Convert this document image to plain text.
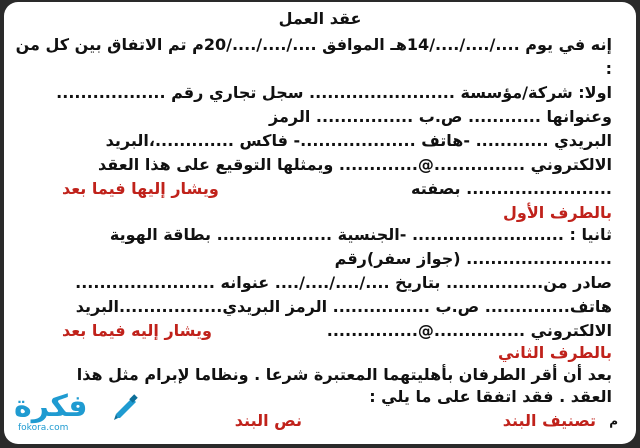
عقد العمل
إنه في يوم ..../..../..../14هـ الموافق ..../..../..../20م تم الاتفاق بين كل من
:
اولا: شركة/مؤسسة ........................ سجل تجاري رقم ..................
وعنوانها ............ ص.ب ................ الرمز
البريدي ............ -هاتف ...................- فاكس .............،البريد
الالكتروني ...............@............. ويمثلها التوقيع على هذا العقد
........................ بصفته
ويشار إليها فيما بعد
بالطرف الأول
ثانيا : ......................... -الجنسية ................... بطاقة الهوية
........................ (جواز سفر)رقم
صادر من................ بتاريخ ..../..../..../.... عنوانه .......................
هاتف.............. ص.ب ................ الرمز البريدي.................البريد
الالكتروني ...............@...............
ويشار إليه فيما بعد
بالطرف الثاني
بعد أن أقر الطرفان بأهليتهما المعتبرة شرعا . ونظاما لإبرام مثل هذا
العقد . فقد اتفقا على ما يلي :
م
تصنيف البند
نص البند
فكرة
fokora.com
